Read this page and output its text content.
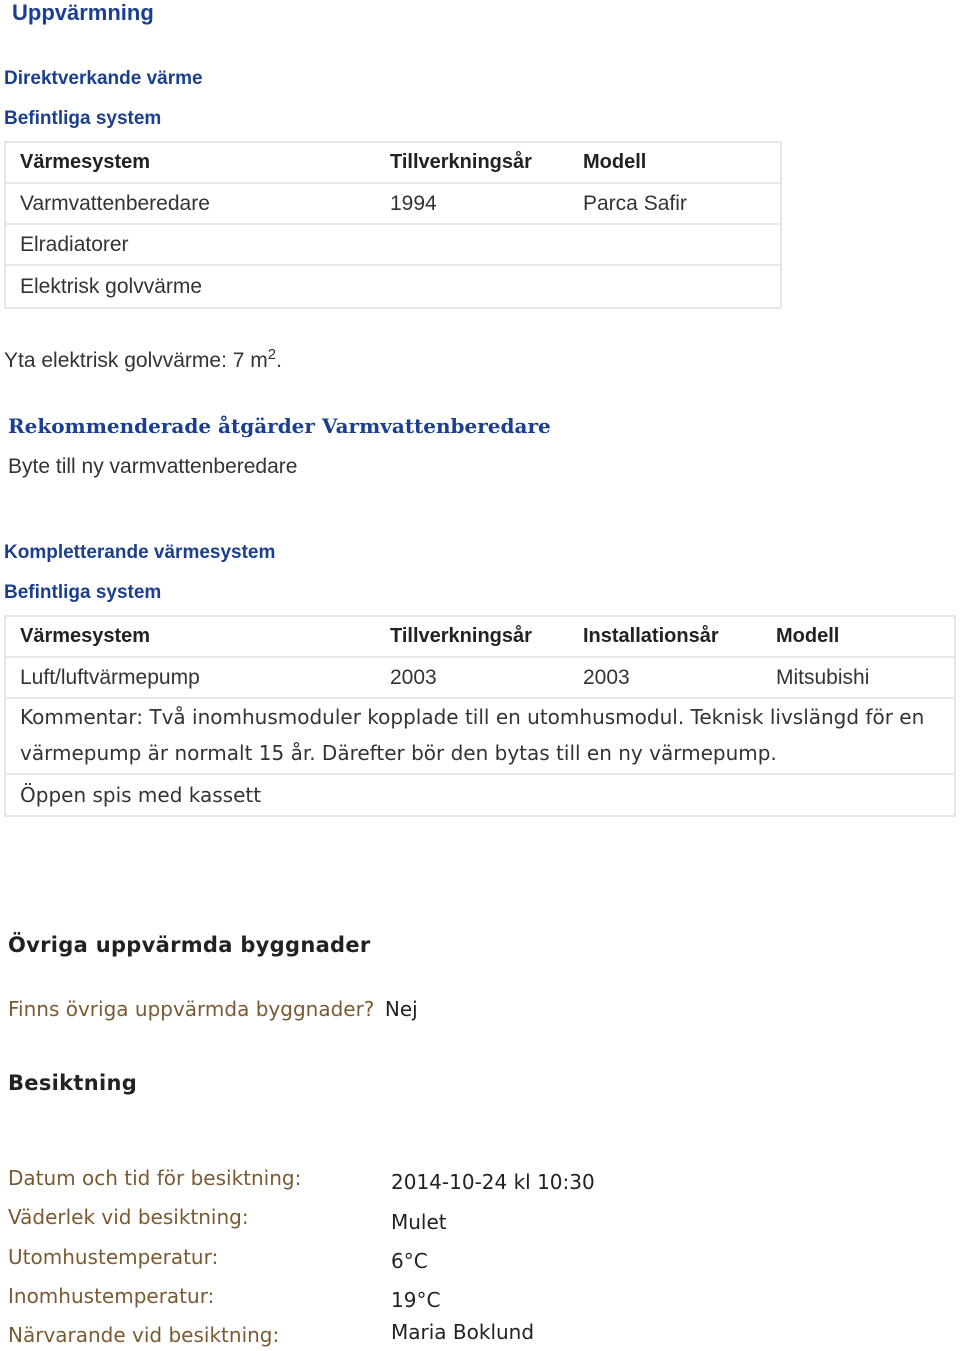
Uppvärmning
Direktverkande värme
Befintliga system
Värmesystem	Tillverkningsår	Modell
Varmvattenberedare	1994	Parca Safir
Elradiatorer
Elektrisk golvvärme
Yta elektrisk golvvärme: 7 $m^2$.
Rekommenderade åtgärder Varmvattenberedare
Byte till ny varmvattenberedare
Kompletterande värmesystem
Befintliga system
Värmesystem	Tillverkningsår	Installationsår	Modell
Luft/luftvärmepump	2003	2003	Mitsubishi
Kommentar: Två inomhusmoduler kopplade till en utomhusmodul. Teknisk livslängd för en värmepump är normalt 15 år. Därefter bör den bytas till en ny värmepump.
Öppen spis med kassett
Övriga uppvärmda byggnader
Finns övriga uppvärmda byggnader? Nej
Besiktning
Datum och tid för besiktning:	2014-10-24 kl 10:30
Väderlek vid besiktning:	Mulet
Utomhustemperatur:	6°C
Inomhustemperatur:	19°C
Närvarande vid besiktning:	Maria Boklund
